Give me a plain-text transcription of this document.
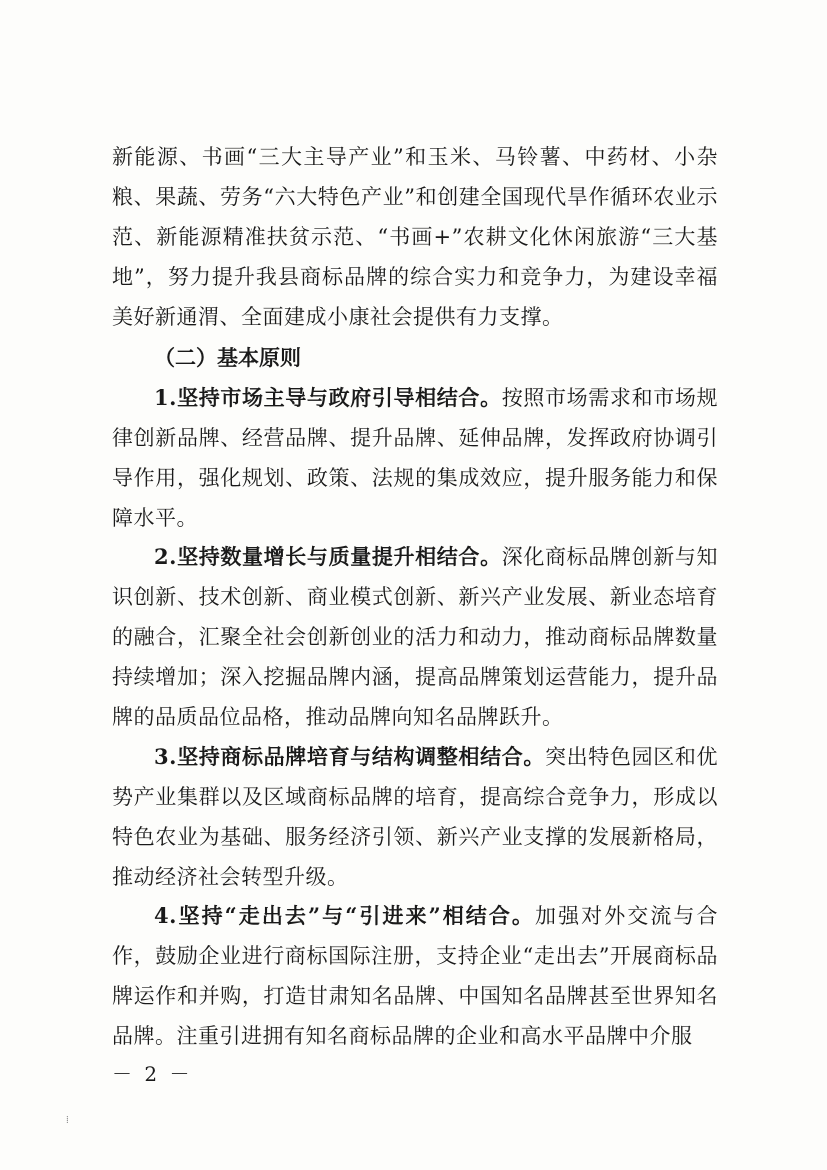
新能源、书画“三大主导产业”和玉米、马铃薯、中药材、小杂粮、果蔬、劳务“六大特色产业”和创建全国现代旱作循环农业示范、新能源精准扶贫示范、“书画+”农耕文化休闲旅游“三大基地”，努力提升我县商标品牌的综合实力和竞争力，为建设幸福美好新通渭、全面建成小康社会提供有力支撑。

（二）基本原则

1.坚持市场主导与政府引导相结合。按照市场需求和市场规律创新品牌、经营品牌、提升品牌、延伸品牌，发挥政府协调引导作用，强化规划、政策、法规的集成效应，提升服务能力和保障水平。

2.坚持数量增长与质量提升相结合。深化商标品牌创新与知识创新、技术创新、商业模式创新、新兴产业发展、新业态培育的融合，汇聚全社会创新创业的活力和动力，推动商标品牌数量持续增加；深入挖掘品牌内涵，提高品牌策划运营能力，提升品牌的品质品位品格，推动品牌向知名品牌跃升。

3.坚持商标品牌培育与结构调整相结合。突出特色园区和优势产业集群以及区域商标品牌的培育，提高综合竞争力，形成以特色农业为基础、服务经济引领、新兴产业支撑的发展新格局，推动经济社会转型升级。

4.坚持“走出去”与“引进来”相结合。加强对外交流与合作，鼓励企业进行商标国际注册，支持企业“走出去”开展商标品牌运作和并购，打造甘肃知名品牌、中国知名品牌甚至世界知名品牌。注重引进拥有知名商标品牌的企业和高水平品牌中介服

－ 2 －
⁞
